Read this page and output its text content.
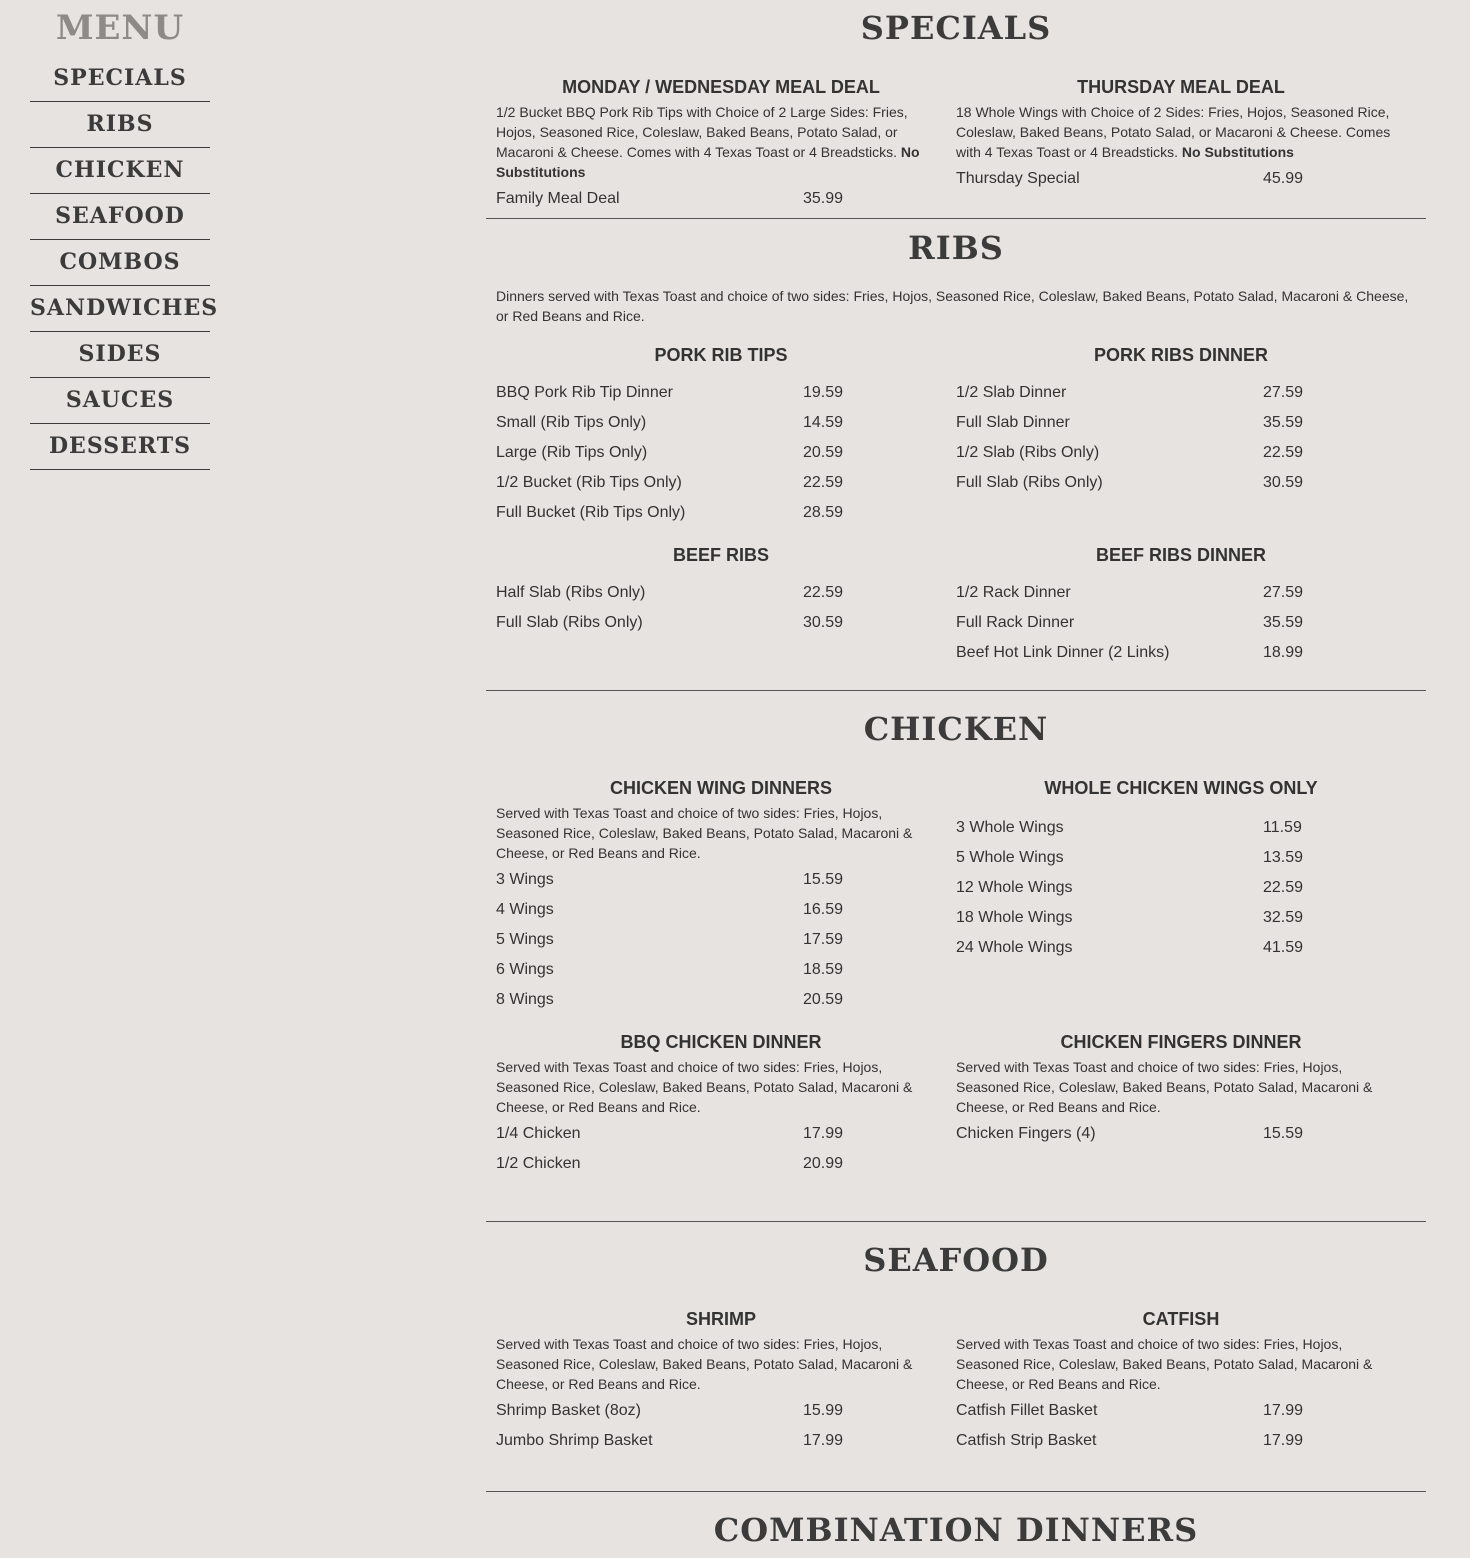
MENU
SPECIALS
RIBS
CHICKEN
SEAFOOD
COMBOS
SANDWICHES
SIDES
SAUCES
DESSERTS
SPECIALS
MONDAY / WEDNESDAY MEAL DEAL

1/2 Bucket BBQ Pork Rib Tips with Choice of 2 Large Sides: Fries, Hojos, Seasoned Rice, Coleslaw, Baked Beans, Potato Salad, or Macaroni & Cheese. Comes with 4 Texas Toast or 4 Breadsticks. No Substitutions

Family Meal Deal	35.99
THURSDAY MEAL DEAL

18 Whole Wings with Choice of 2 Sides: Fries, Hojos, Seasoned Rice, Coleslaw, Baked Beans, Potato Salad, or Macaroni & Cheese. Comes with 4 Texas Toast or 4 Breadsticks. No Substitutions

Thursday Special	45.99
RIBS

Dinners served with Texas Toast and choice of two sides: Fries, Hojos, Seasoned Rice, Coleslaw, Baked Beans, Potato Salad, Macaroni & Cheese, or Red Beans and Rice.

PORK RIB TIPS
BBQ Pork Rib Tip Dinner	19.59
Small (Rib Tips Only)	14.59
Large (Rib Tips Only)	20.59
1/2 Bucket (Rib Tips Only)	22.59
Full Bucket (Rib Tips Only)	28.59
PORK RIBS DINNER
1/2 Slab Dinner	27.59
Full Slab Dinner	35.59
1/2 Slab (Ribs Only)	22.59
Full Slab (Ribs Only)	30.59
BEEF RIBS
Half Slab (Ribs Only)	22.59
Full Slab (Ribs Only)	30.59
BEEF RIBS DINNER
1/2 Rack Dinner	27.59
Full Rack Dinner	35.59
Beef Hot Link Dinner (2 Links)	18.99
CHICKEN
CHICKEN WING DINNERS

Served with Texas Toast and choice of two sides: Fries, Hojos, Seasoned Rice, Coleslaw, Baked Beans, Potato Salad, Macaroni & Cheese, or Red Beans and Rice.

3 Wings	15.59
4 Wings	16.59
5 Wings	17.59
6 Wings	18.59
8 Wings	20.59
WHOLE CHICKEN WINGS ONLY
3 Whole Wings	11.59
5 Whole Wings	13.59
12 Whole Wings	22.59
18 Whole Wings	32.59
24 Whole Wings	41.59
BBQ CHICKEN DINNER

Served with Texas Toast and choice of two sides: Fries, Hojos, Seasoned Rice, Coleslaw, Baked Beans, Potato Salad, Macaroni & Cheese, or Red Beans and Rice.

1/4 Chicken	17.99
1/2 Chicken	20.99
CHICKEN FINGERS DINNER

Served with Texas Toast and choice of two sides: Fries, Hojos, Seasoned Rice, Coleslaw, Baked Beans, Potato Salad, Macaroni & Cheese, or Red Beans and Rice.

Chicken Fingers (4)	15.59
SEAFOOD
SHRIMP

Served with Texas Toast and choice of two sides: Fries, Hojos, Seasoned Rice, Coleslaw, Baked Beans, Potato Salad, Macaroni & Cheese, or Red Beans and Rice.

Shrimp Basket (8oz)	15.99
Jumbo Shrimp Basket	17.99
CATFISH

Served with Texas Toast and choice of two sides: Fries, Hojos, Seasoned Rice, Coleslaw, Baked Beans, Potato Salad, Macaroni & Cheese, or Red Beans and Rice.

Catfish Fillet Basket	17.99
Catfish Strip Basket	17.99
COMBINATION DINNERS
